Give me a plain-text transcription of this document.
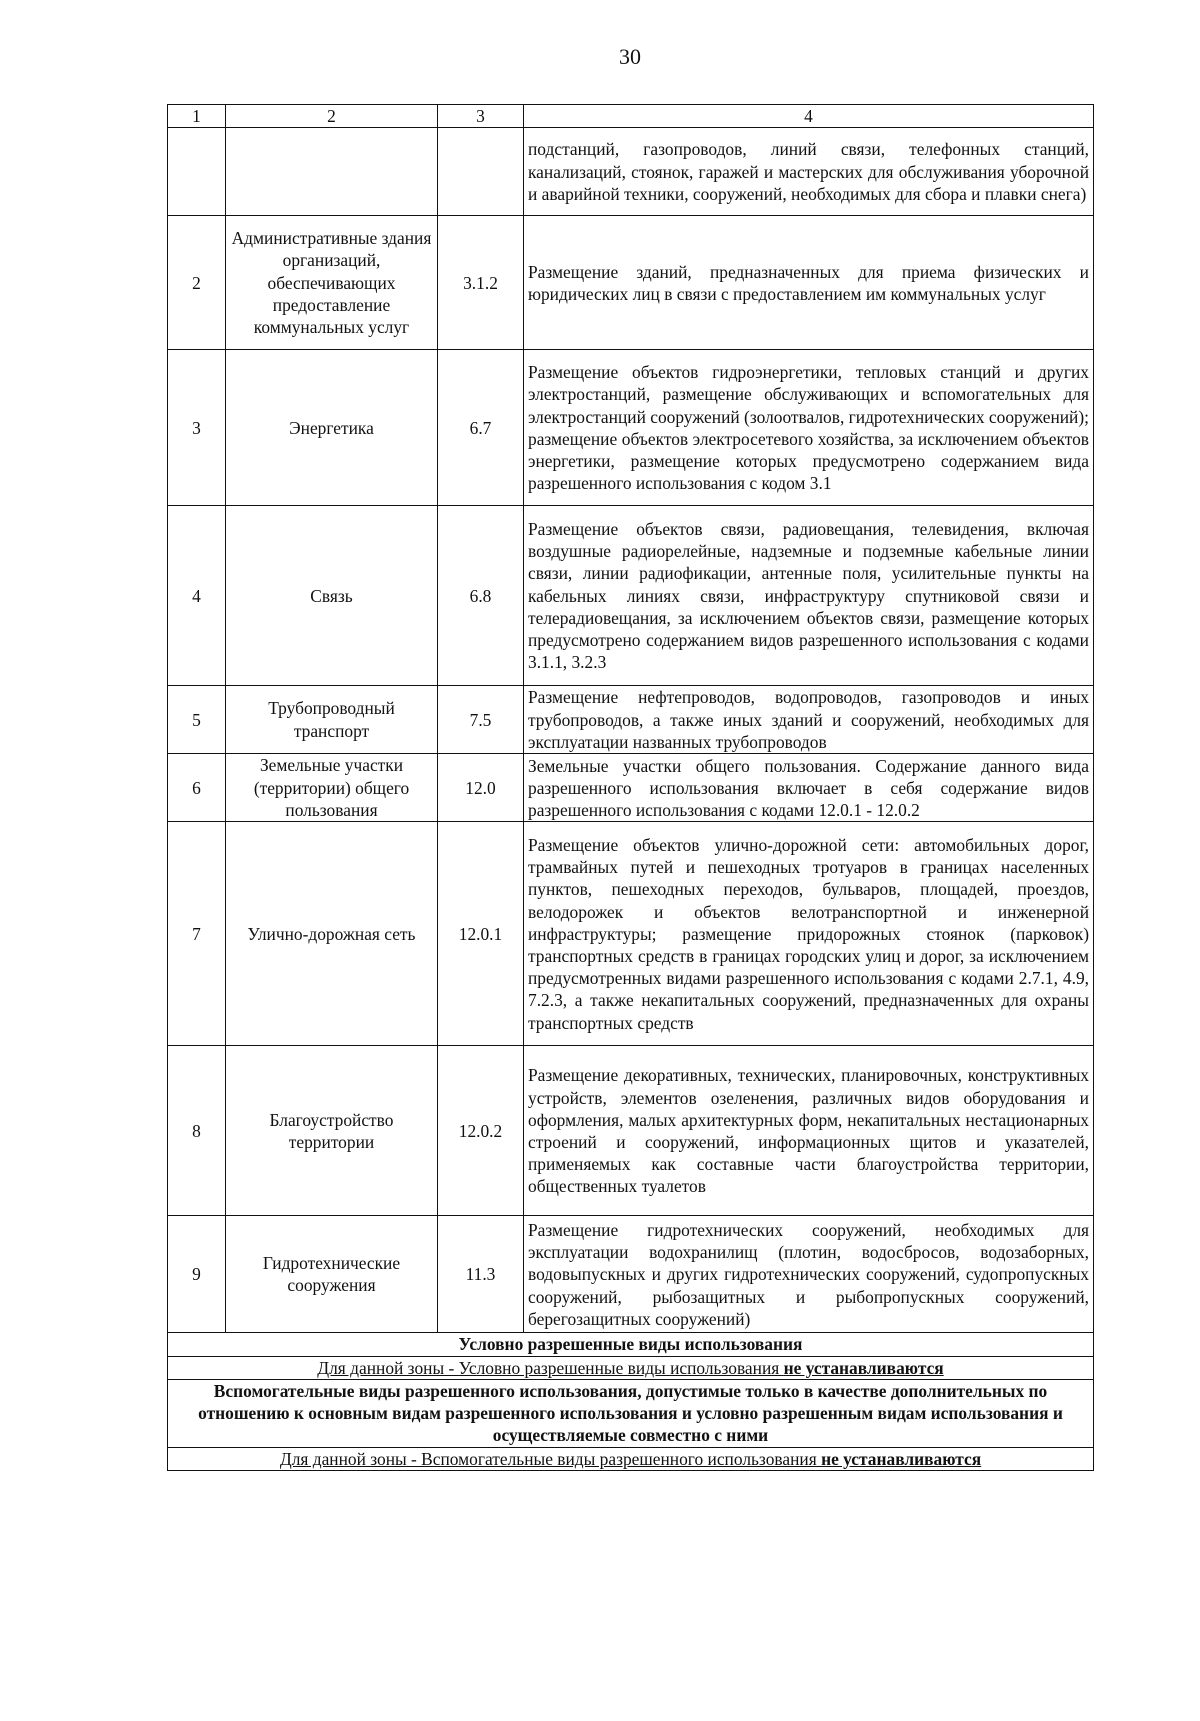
30
1	2	3	4
			подстанций, газопроводов, линий связи, телефонных станций, канализаций, стоянок, гаражей и мастерских для обслуживания уборочной и аварийной техники, сооружений, необходимых для сбора и плавки снега)
2	Административные здания организаций, обеспечивающих предоставление коммунальных услуг	3.1.2	Размещение зданий, предназначенных для приема физических и юридических лиц в связи с предоставлением им коммунальных услуг
3	Энергетика	6.7	Размещение объектов гидроэнергетики, тепловых станций и других электростанций, размещение обслуживающих и вспомогательных для электростанций сооружений (золоотвалов, гидротехнических сооружений); размещение объектов электросетевого хозяйства, за исключением объектов энергетики, размещение которых предусмотрено содержанием вида разрешенного использования с кодом 3.1
4	Связь	6.8	Размещение объектов связи, радиовещания, телевидения, включая воздушные радиорелейные, надземные и подземные кабельные линии связи, линии радиофикации, антенные поля, усилительные пункты на кабельных линиях связи, инфраструктуру спутниковой связи и телерадиовещания, за исключением объектов связи, размещение которых предусмотрено содержанием видов разрешенного использования с кодами 3.1.1, 3.2.3
5	Трубопроводный транспорт	7.5	Размещение нефтепроводов, водопроводов, газопроводов и иных трубопроводов, а также иных зданий и сооружений, необходимых для эксплуатации названных трубопроводов
6	Земельные участки (территории) общего пользования	12.0	Земельные участки общего пользования. Содержание данного вида разрешенного использования включает в себя содержание видов разрешенного использования с кодами 12.0.1 - 12.0.2
7	Улично-дорожная сеть	12.0.1	Размещение объектов улично-дорожной сети: автомобильных дорог, трамвайных путей и пешеходных тротуаров в границах населенных пунктов, пешеходных переходов, бульваров, площадей, проездов, велодорожек и объектов велотранспортной и инженерной инфраструктуры; размещение придорожных стоянок (парковок) транспортных средств в границах городских улиц и дорог, за исключением предусмотренных видами разрешенного использования с кодами 2.7.1, 4.9, 7.2.3, а также некапитальных сооружений, предназначенных для охраны транспортных средств
8	Благоустройство территории	12.0.2	Размещение декоративных, технических, планировочных, конструктивных устройств, элементов озеленения, различных видов оборудования и оформления, малых архитектурных форм, некапитальных нестационарных строений и сооружений, информационных щитов и указателей, применяемых как составные части благоустройства территории, общественных туалетов
9	Гидротехнические сооружения	11.3	Размещение гидротехнических сооружений, необходимых для эксплуатации водохранилищ (плотин, водосбросов, водозаборных, водовыпускных и других гидротехнических сооружений, судопропускных сооружений, рыбозащитных и рыбопропускных сооружений, берегозащитных сооружений)
Условно разрешенные виды использования			
Для данной зоны - Условно разрешенные виды использования не устанавливаются			
Вспомогательные виды разрешенного использования, допустимые только в качестве дополнительных по отношению к основным видам разрешенного использования и условно разрешенным видам использования и осуществляемые совместно с ними			
Для данной зоны - Вспомогательные виды разрешенного использования не устанавливаются			
